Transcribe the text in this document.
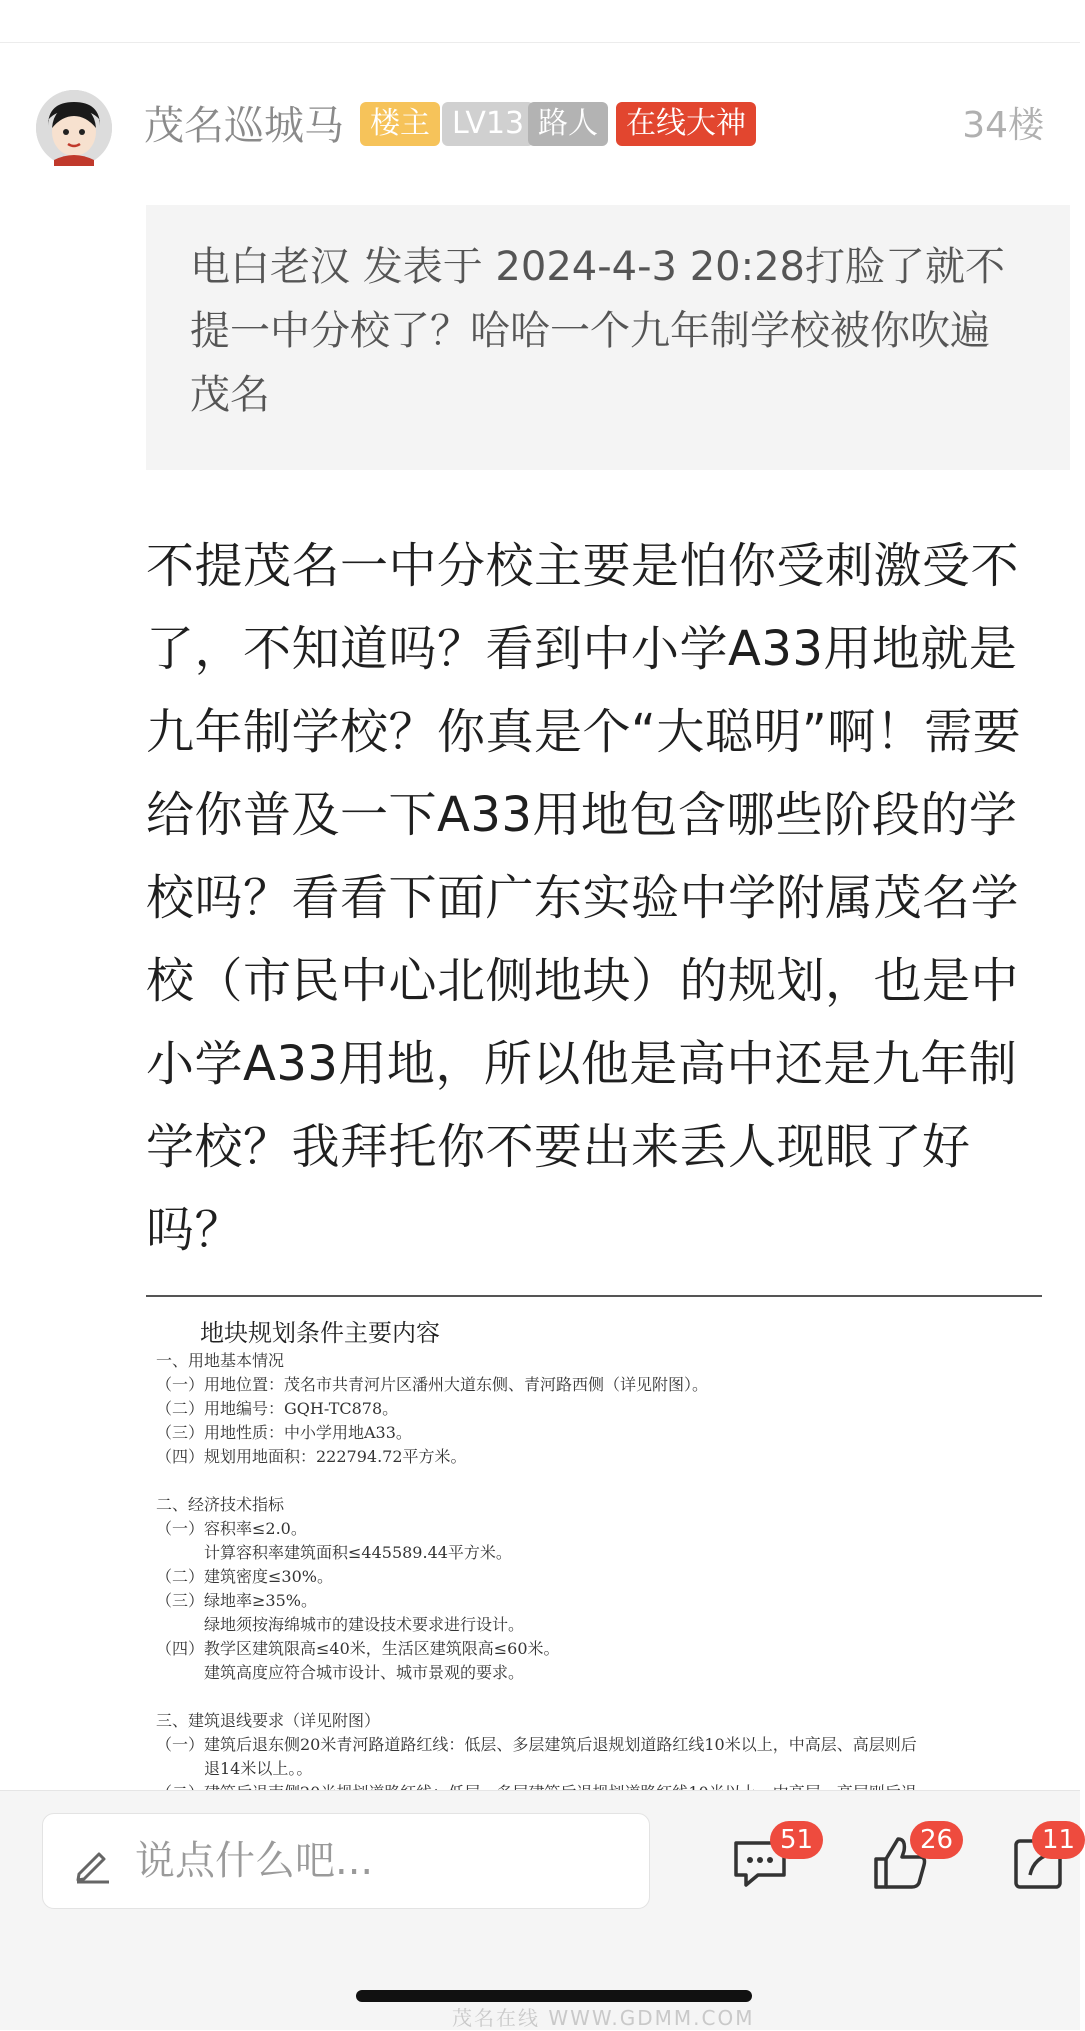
茂名巡城马 楼主 LV13 路人 在线大神	34楼
电白老汉 发表于 2024-4-3 20:28打脸了就不提一中分校了？哈哈一个九年制学校被你吹遍茂名
不提茂名一中分校主要是怕你受刺激受不了，不知道吗？看到中小学A33用地就是九年制学校？你真是个“大聪明”啊！需要给你普及一下A33用地包含哪些阶段的学校吗？看看下面广东实验中学附属茂名学校（市民中心北侧地块）的规划，也是中小学A33用地，所以他是高中还是九年制学校？我拜托你不要出来丢人现眼了好吗？
地块规划条件主要内容
一、用地基本情况
（一）用地位置：茂名市共青河片区潘州大道东侧、青河路西侧（详见附图）。
（二）用地编号：GQH-TC878。
（三）用地性质：中小学用地A33。
（四）规划用地面积：222794.72平方米。
二、经济技术指标
（一）容积率≤2.0。
计算容积率建筑面积≤445589.44平方米。
（二）建筑密度≤30%。
（三）绿地率≥35%。
绿地须按海绵城市的建设技术要求进行设计。
（四）教学区建筑限高≤40米，生活区建筑限高≤60米。
建筑高度应符合城市设计、城市景观的要求。
三、建筑退线要求（详见附图）
（一）建筑后退东侧20米青河路道路红线：低层、多层建筑后退规划道路红线10米以上，中高层、高层则后
退14米以上。。
说点什么吧...	51	26	11
茂名在线 WWW.GDMM.COM
